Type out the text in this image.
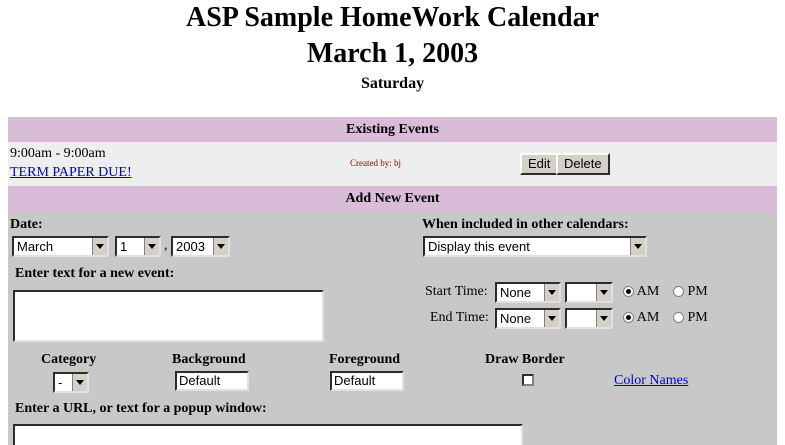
ASP Sample HomeWork Calendar
March 1, 2003
Saturday
Existing Events
9:00am - 9:00am
TERM PAPER DUE!
Created by: bj	Edit	Delete
Add New Event
Date:
March	1	, 2003
When included in other calendars:
Display this event
Enter text for a new event:
Start Time: None	AM	PM
End Time: None	AM	PM
Category
-
Background
Default
Foreground
Default
Draw Border
Color Names
Enter a URL, or text for a popup window:
